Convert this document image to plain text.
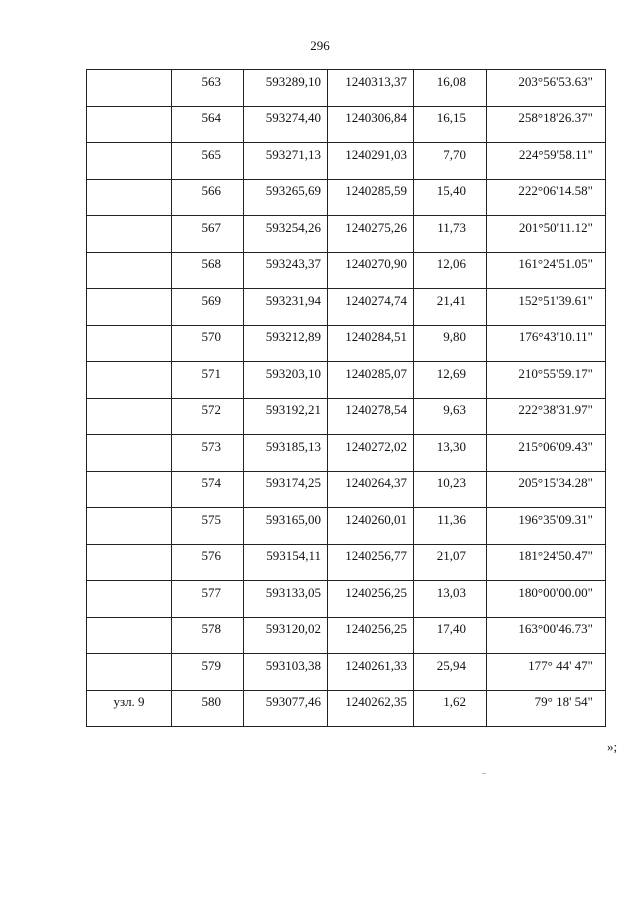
296
	563	593289,10	1240313,37	16,08	203°56'53.63"
	564	593274,40	1240306,84	16,15	258°18'26.37"
	565	593271,13	1240291,03	7,70	224°59'58.11"
	566	593265,69	1240285,59	15,40	222°06'14.58"
	567	593254,26	1240275,26	11,73	201°50'11.12"
	568	593243,37	1240270,90	12,06	161°24'51.05"
	569	593231,94	1240274,74	21,41	152°51'39.61"
	570	593212,89	1240284,51	9,80	176°43'10.11"
	571	593203,10	1240285,07	12,69	210°55'59.17"
	572	593192,21	1240278,54	9,63	222°38'31.97"
	573	593185,13	1240272,02	13,30	215°06'09.43"
	574	593174,25	1240264,37	10,23	205°15'34.28"
	575	593165,00	1240260,01	11,36	196°35'09.31"
	576	593154,11	1240256,77	21,07	181°24'50.47"
	577	593133,05	1240256,25	13,03	180°00'00.00"
	578	593120,02	1240256,25	17,40	163°00'46.73"
	579	593103,38	1240261,33	25,94	177° 44' 47"
узл. 9	580	593077,46	1240262,35	1,62	79° 18' 54"
»;
